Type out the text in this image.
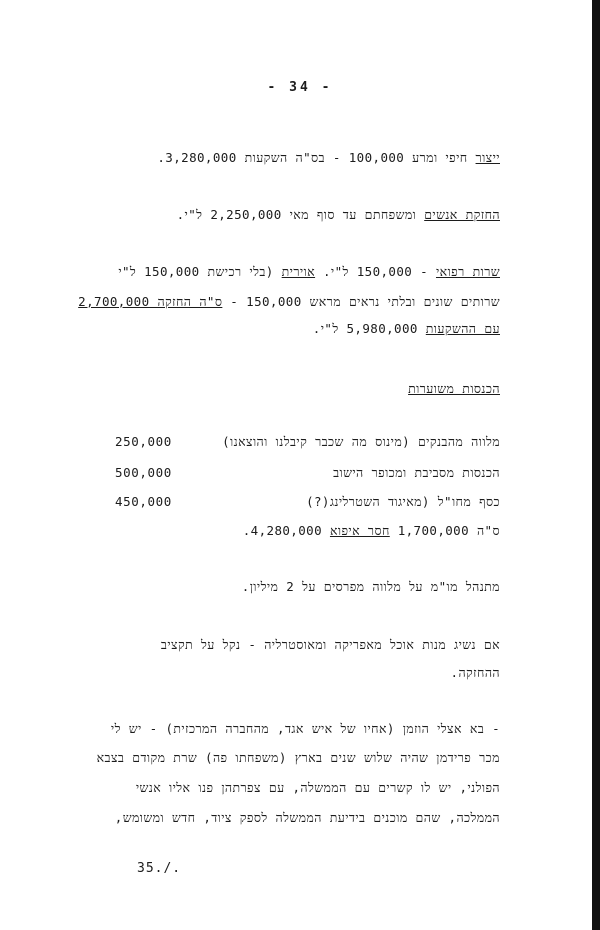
- 34 -
ייצור חיפי ומרע 100,000 - בס"ה השקעות 3,280,000.
החזקת אנשים ומשפחתם עד סוף מאי 2,250,000 ל"י.
שרות רפואי - 150,000 ל"י. אוירית (בלי רכישת 150,000 ל"י
שרותים שונים ובלתי נראים מראש 150,000 - ס"ה החזקה 2,700,000
עם ההשקעות 5,980,000 ל"י.
הכנסות משוערות
מלווה מהבנקים (מינוס מה שכבר קיבלנו והוצאנו)
250,000
הכנסות מסביבת ומכופר הישוב
500,000
כסף מחו"ל (מאיגוד השטרלינג(?)
450,000
ס"ה 1,700,000 חסר איפוא 4,280,000.
מתנהל מו"מ על מלווה מפרסים על 2 מיליון.
אם נשיג מנות אוכל מאפריקה ומאוסטרליה - נקל על תקציב
ההחזקה.
- בא אצלי הוזמן (אחיו של איש אגד, מהחברה המרכזית) - יש לי
מכר פרידמן שהיה שלוש שנים בארץ (משפחתו פה) שרת מקודם בצבא
הפולני, יש לו קשרים עם הממשלה, עם צפרתהן פנו אליו אנשי
הממלכה, שהם מוכנים בידיעת הממשלה לספק ציוד, חדש ומשומש,
35./.
